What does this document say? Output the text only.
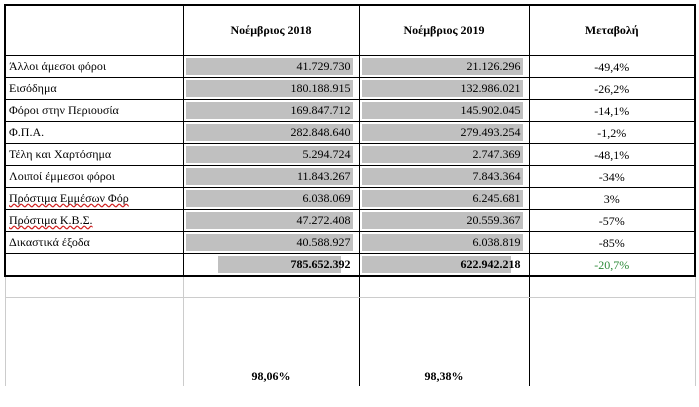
	Νοέμβριος 2018	Νοέμβριος 2019	Μεταβολή

Άλλοι άμεσοι φόροι	41.729.730	21.126.296	-49,4%

Εισόδημα	180.188.915	132.986.021	-26,2%

Φόροι στην Περιουσία	169.847.712	145.902.045	-14,1%

Φ.Π.Α.	282.848.640	279.493.254	-1,2%

Τέλη και Χαρτόσημα	5.294.724	2.747.369	-48,1%

Λοιποί έμμεσοι φόροι	11.843.267	7.843.364	-34%

Πρόστιμα Εμμέσων Φόρ	6.038.069	6.245.681	3%

Πρόστιμα Κ.Β.Σ.	47.272.408	20.559.367	-57%

Δικαστικά έξοδα	40.588.927	6.038.819	-85%

	785.652.392	622.942.218	-20,7%

	98,06%	98,38%	
